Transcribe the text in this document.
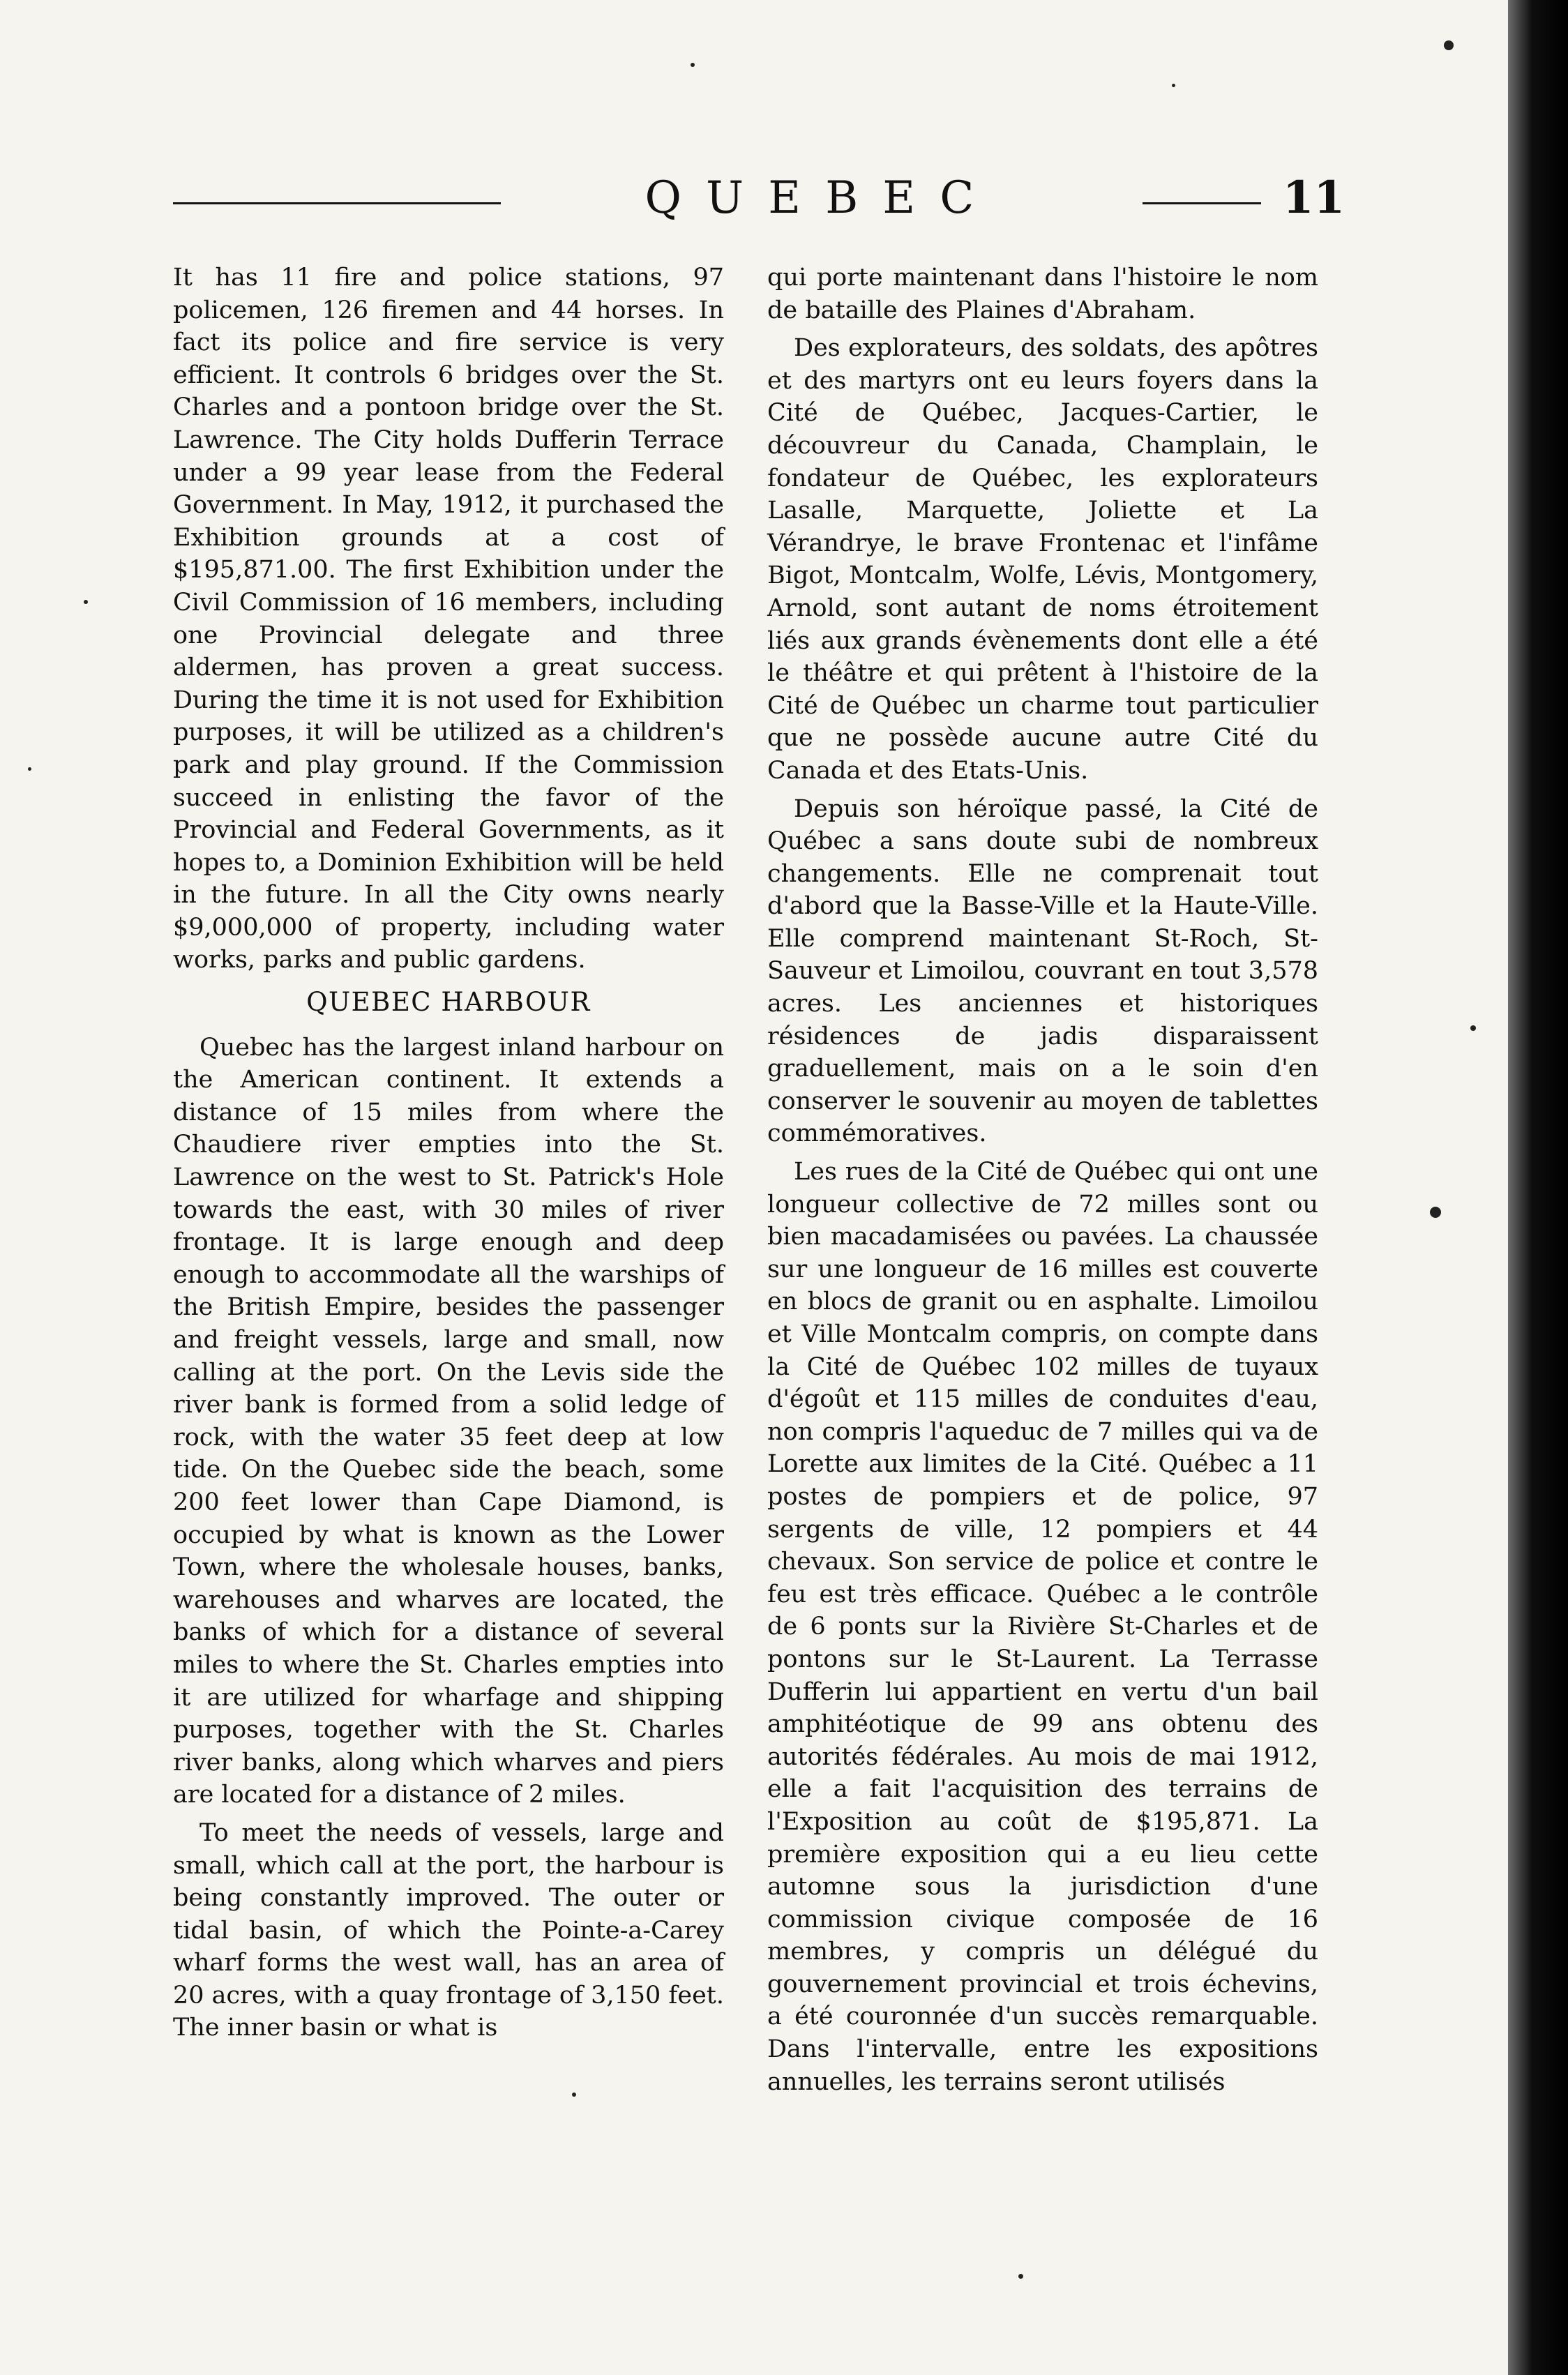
QUEBEC	11

It has 11 fire and police stations, 97 policemen, 126 firemen and 44 horses. In fact its police and fire service is very efficient. It controls 6 bridges over the St. Charles and a pontoon bridge over the St. Lawrence. The City holds Dufferin Terrace under a 99 year lease from the Federal Government. In May, 1912, it purchased the Exhibition grounds at a cost of $195,871.00. The first Exhibition under the Civil Commission of 16 members, including one Provincial delegate and three aldermen, has proven a great success. During the time it is not used for Exhibition purposes, it will be utilized as a children's park and play ground. If the Commission succeed in enlisting the favor of the Provincial and Federal Governments, as it hopes to, a Dominion Exhibition will be held in the future. In all the City owns nearly $9,000,000 of property, including water works, parks and public gardens.

QUEBEC HARBOUR

Quebec has the largest inland harbour on the American continent. It extends a distance of 15 miles from where the Chaudiere river empties into the St. Lawrence on the west to St. Patrick's Hole towards the east, with 30 miles of river frontage. It is large enough and deep enough to accommodate all the warships of the British Empire, besides the passenger and freight vessels, large and small, now calling at the port. On the Levis side the river bank is formed from a solid ledge of rock, with the water 35 feet deep at low tide. On the Quebec side the beach, some 200 feet lower than Cape Diamond, is occupied by what is known as the Lower Town, where the wholesale houses, banks, warehouses and wharves are located, the banks of which for a distance of several miles to where the St. Charles empties into it are utilized for wharfage and shipping purposes, together with the St. Charles river banks, along which wharves and piers are located for a distance of 2 miles.

To meet the needs of vessels, large and small, which call at the port, the harbour is being constantly improved. The outer or tidal basin, of which the Pointe-a-Carey wharf forms the west wall, has an area of 20 acres, with a quay frontage of 3,150 feet. The inner basin or what is

qui porte maintenant dans l'histoire le nom de bataille des Plaines d'Abraham.

Des explorateurs, des soldats, des apôtres et des martyrs ont eu leurs foyers dans la Cité de Québec, Jacques-Cartier, le découvreur du Canada, Champlain, le fondateur de Québec, les explorateurs Lasalle, Marquette, Joliette et La Vérandrye, le brave Frontenac et l'infâme Bigot, Montcalm, Wolfe, Lévis, Montgomery, Arnold, sont autant de noms étroitement liés aux grands évènements dont elle a été le théâtre et qui prêtent à l'histoire de la Cité de Québec un charme tout particulier que ne possède aucune autre Cité du Canada et des Etats-Unis.

Depuis son héroïque passé, la Cité de Québec a sans doute subi de nombreux changements. Elle ne comprenait tout d'abord que la Basse-Ville et la Haute-Ville. Elle comprend maintenant St-Roch, St-Sauveur et Limoilou, couvrant en tout 3,578 acres. Les anciennes et historiques résidences de jadis disparaissent graduellement, mais on a le soin d'en conserver le souvenir au moyen de tablettes commémoratives.

Les rues de la Cité de Québec qui ont une longueur collective de 72 milles sont ou bien macadamisées ou pavées. La chaussée sur une longueur de 16 milles est couverte en blocs de granit ou en asphalte. Limoilou et Ville Montcalm compris, on compte dans la Cité de Québec 102 milles de tuyaux d'égoût et 115 milles de conduites d'eau, non compris l'aqueduc de 7 milles qui va de Lorette aux limites de la Cité. Québec a 11 postes de pompiers et de police, 97 sergents de ville, 12 pompiers et 44 chevaux. Son service de police et contre le feu est très efficace. Québec a le contrôle de 6 ponts sur la Rivière St-Charles et de pontons sur le St-Laurent. La Terrasse Dufferin lui appartient en vertu d'un bail amphitéotique de 99 ans obtenu des autorités fédérales. Au mois de mai 1912, elle a fait l'acquisition des terrains de l'Exposition au coût de $195,871. La première exposition qui a eu lieu cette automne sous la jurisdiction d'une commission civique composée de 16 membres, y compris un délégué du gouvernement provincial et trois échevins, a été couronnée d'un succès remarquable. Dans l'intervalle, entre les expositions annuelles, les terrains seront utilisés
